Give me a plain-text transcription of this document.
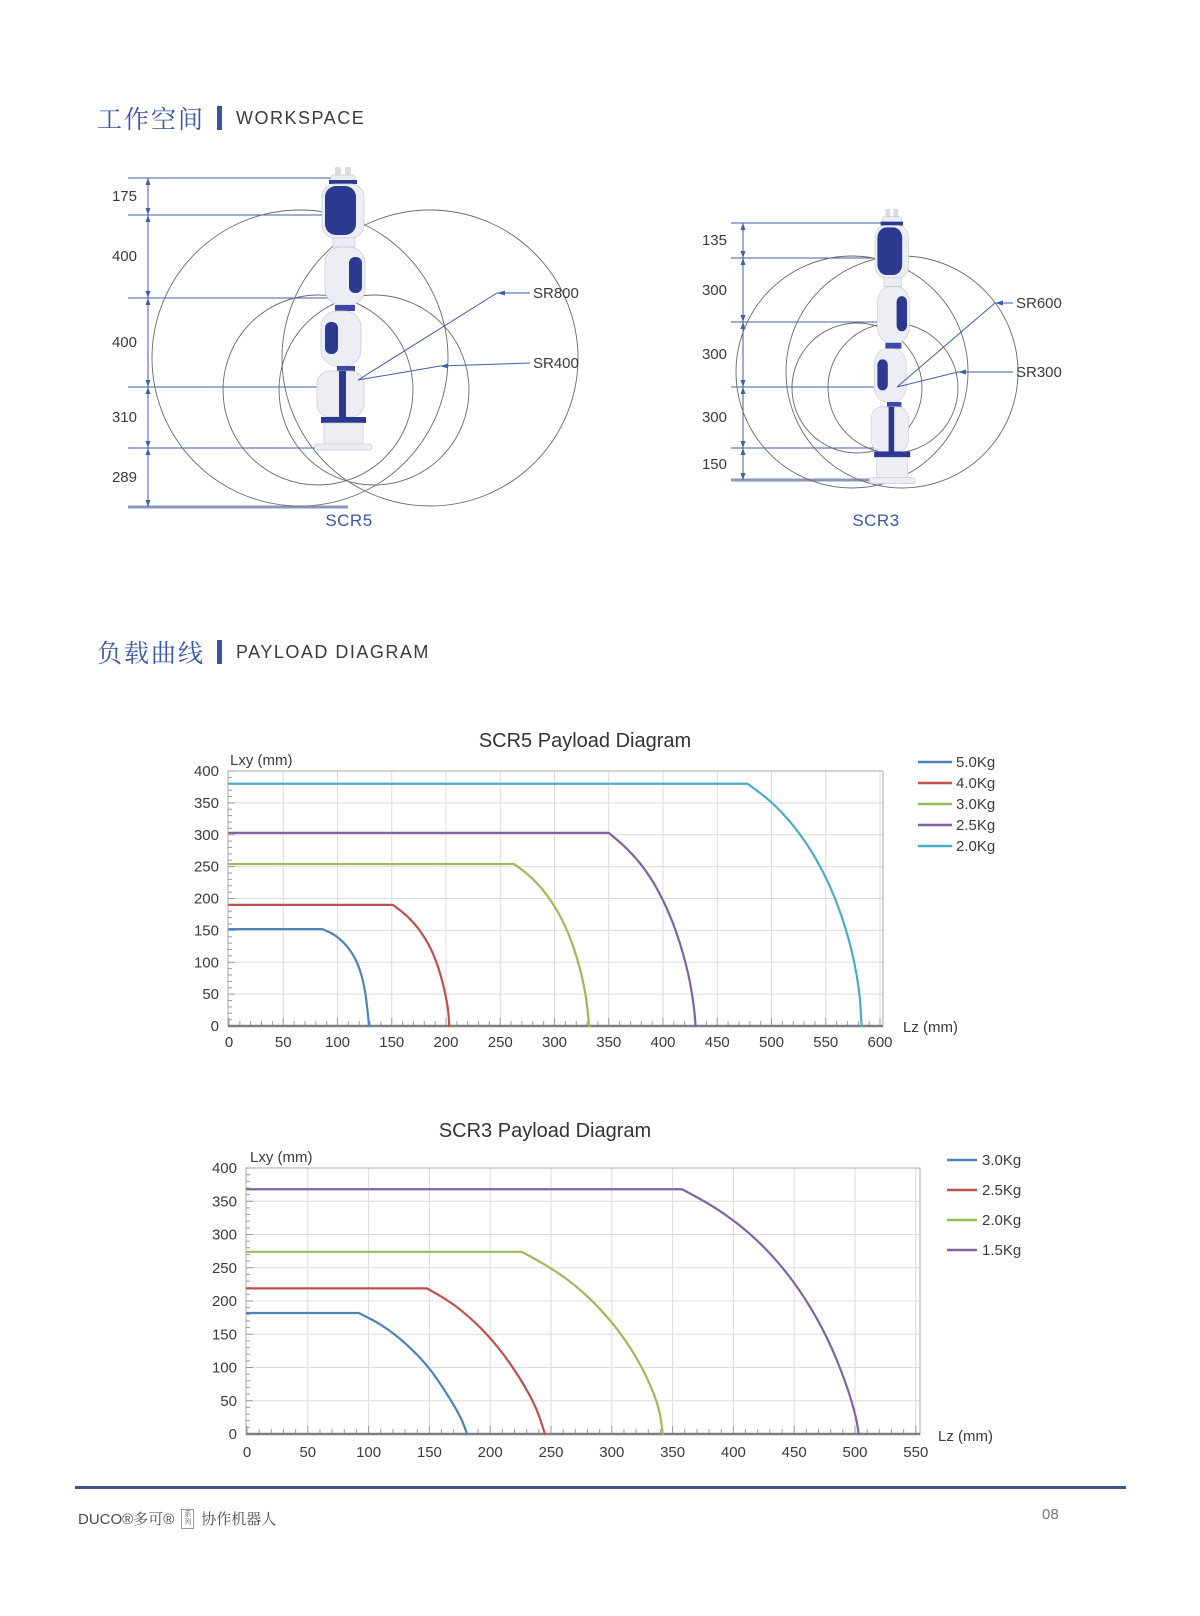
工作空间 WORKSPACE
SR800
SR400
175
400
400
310
289
SCR5
SR600
SR300
135
300
300
300
150
SCR3
负载曲线 PAYLOAD DIAGRAM
0	50 100 150 200 250 300 350 400 450 500 550 600
0
50
100
150
200
250
300
350
400
SCR5 Payload Diagram
Lxy (mm)
Lz (mm)
5.0Kg
4.0Kg
3.0Kg
2.5Kg
2.0Kg
0	50	100 150 200 250 300 350 400 450 500 550
0
50
100
150
200
250
300
350
400
SCR3 Payload Diagram
Lxy (mm)
Lz (mm)
3.0Kg
2.5Kg
2.0Kg
1.5Kg
DUCO®多可® 系
列 协作机器人	08
